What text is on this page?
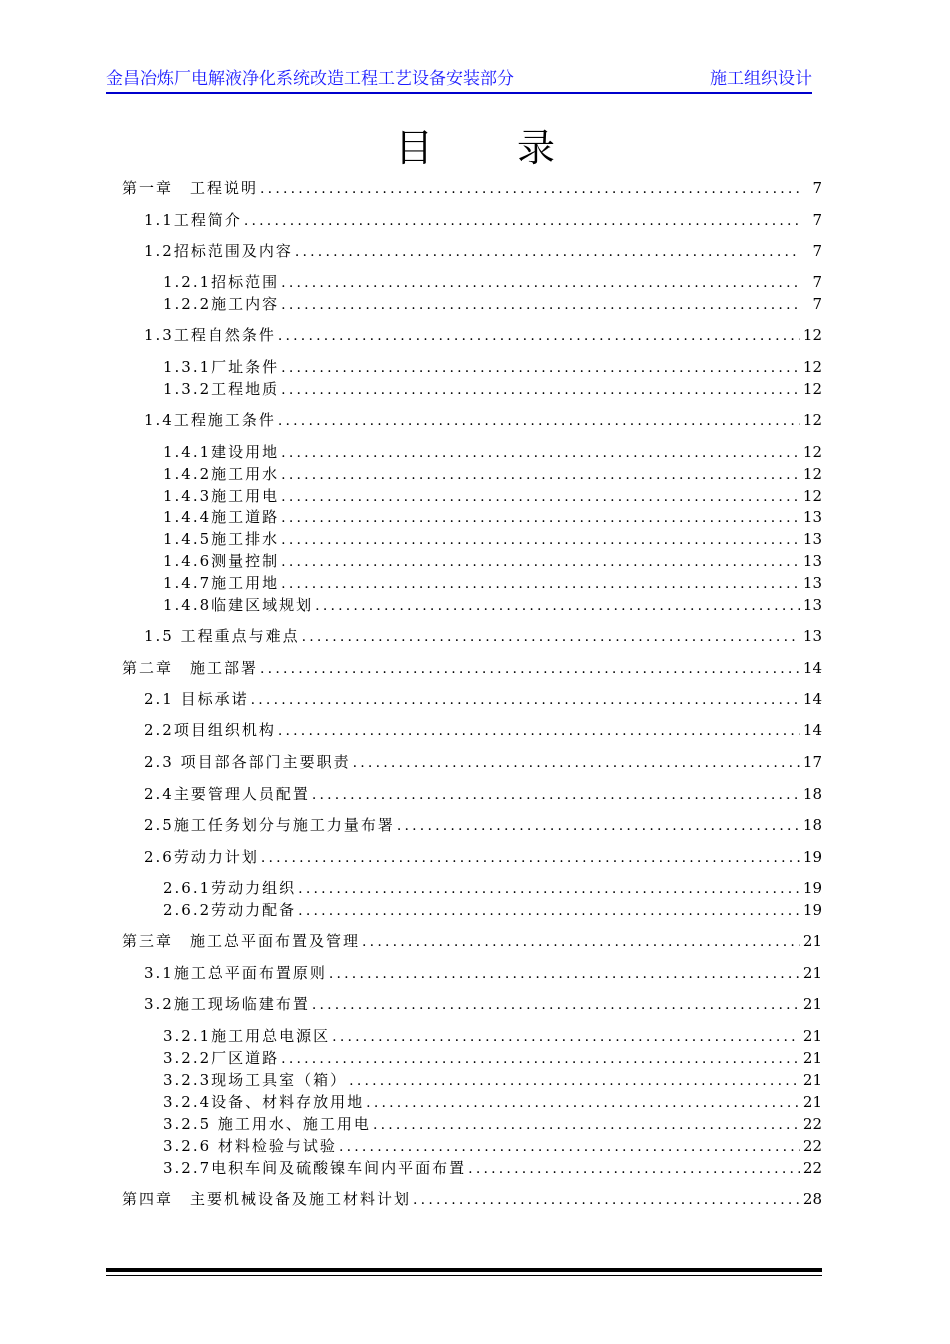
金昌冶炼厂电解液净化系统改造工程工艺设备安装部分	施工组织设计
目 录
第一章　工程说明 .....	7
1.1工程简介 .....	7
1.2招标范围及内容 .....	7
1.2.1招标范围 .....	7
1.2.2施工内容 .....	7
1.3工程自然条件 .....	12
1.3.1厂址条件 .....	12
1.3.2工程地质 .....	12
1.4工程施工条件 .....	12
1.4.1建设用地 .....	12
1.4.2施工用水 .....	12
1.4.3施工用电 .....	12
1.4.4施工道路 .....	13
1.4.5施工排水 .....	13
1.4.6测量控制 .....	13
1.4.7施工用地 .....	13
1.4.8临建区域规划 .....	13
1.5 工程重点与难点 .....	13
第二章　施工部署 .....	14
2.1 目标承诺 .....	14
2.2项目组织机构 .....	14
2.3 项目部各部门主要职责 .....	17
2.4主要管理人员配置 .....	18
2.5施工任务划分与施工力量布署 .....	18
2.6劳动力计划 .....	19
2.6.1劳动力组织 .....	19
2.6.2劳动力配备 .....	19
第三章　施工总平面布置及管理 .....	21
3.1施工总平面布置原则 .....	21
3.2施工现场临建布置 .....	21
3.2.1施工用总电源区 .....	21
3.2.2厂区道路 .....	21
3.2.3现场工具室（箱） .....	21
3.2.4设备、材料存放用地 .....	21
3.2.5 施工用水、施工用电 .....	22
3.2.6 材料检验与试验 .....	22
3.2.7电积车间及硫酸镍车间内平面布置 .....	22
第四章　主要机械设备及施工材料计划 .....	28
